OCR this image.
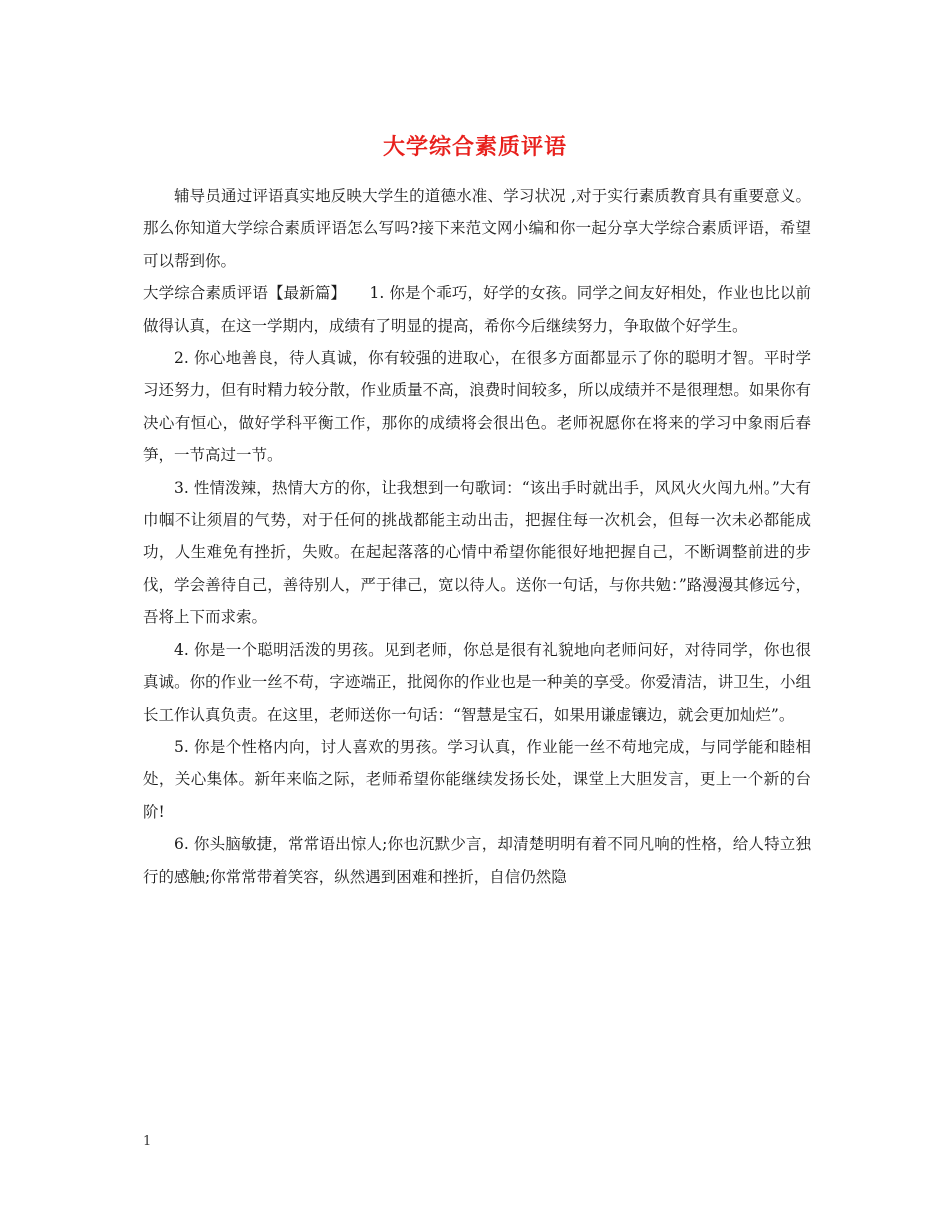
大学综合素质评语

辅导员通过评语真实地反映大学生的道德水准、学习状况 ,对于实行素质教育具有重要意义。那么你知道大学综合素质评语怎么写吗?接下来范文网小编和你一起分享大学综合素质评语，希望可以帮到你。

大学综合素质评语【最新篇】　　1. 你是个乖巧，好学的女孩。同学之间友好相处，作业也比以前做得认真，在这一学期内，成绩有了明显的提高，希你今后继续努力，争取做个好学生。

2. 你心地善良，待人真诚，你有较强的进取心，在很多方面都显示了你的聪明才智。平时学习还努力，但有时精力较分散，作业质量不高，浪费时间较多，所以成绩并不是很理想。如果你有决心有恒心，做好学科平衡工作，那你的成绩将会很出色。老师祝愿你在将来的学习中象雨后春笋，一节高过一节。

3. 性情泼辣，热情大方的你，让我想到一句歌词：“该出手时就出手，风风火火闯九州。”大有巾帼不让须眉的气势，对于任何的挑战都能主动出击，把握住每一次机会，但每一次未必都能成功，人生难免有挫折，失败。在起起落落的心情中希望你能很好地把握自己，不断调整前进的步伐，学会善待自己，善待别人，严于律己，宽以待人。送你一句话，与你共勉：”路漫漫其修远兮，吾将上下而求索。

4. 你是一个聪明活泼的男孩。见到老师，你总是很有礼貌地向老师问好，对待同学，你也很真诚。你的作业一丝不苟，字迹端正，批阅你的作业也是一种美的享受。你爱清洁，讲卫生，小组长工作认真负责。在这里，老师送你一句话：“智慧是宝石，如果用谦虚镶边，就会更加灿烂”。

5. 你是个性格内向，讨人喜欢的男孩。学习认真，作业能一丝不苟地完成，与同学能和睦相处，关心集体。新年来临之际，老师希望你能继续发扬长处，课堂上大胆发言，更上一个新的台阶!

6. 你头脑敏捷，常常语出惊人;你也沉默少言，却清楚明明有着不同凡响的性格，给人特立独行的感触;你常常带着笑容，纵然遇到困难和挫折，自信仍然隐

1
